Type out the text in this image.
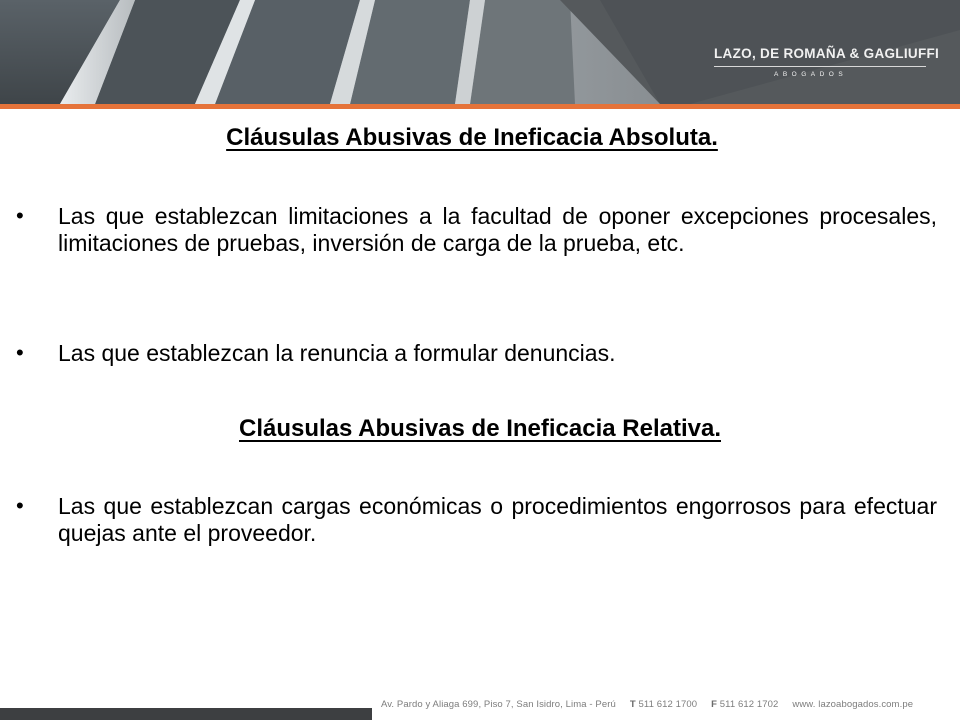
LAZO, DE ROMAÑA & GAGLIUFFI
ABOGADOS
Cláusulas Abusivas de Ineficacia Absoluta.
• Las que establezcan limitaciones a la facultad de oponer excepciones procesales, limitaciones de pruebas, inversión de carga de la prueba, etc.
• Las que establezcan la renuncia a formular denuncias.
Cláusulas Abusivas de Ineficacia Relativa.
• Las que establezcan cargas económicas o procedimientos engorrosos para efectuar quejas ante el proveedor.
Av. Pardo y Aliaga 699, Piso 7, San Isidro, Lima - Perú T 511 612 1700 F 511 612 1702 www. lazoabogados.com.pe
